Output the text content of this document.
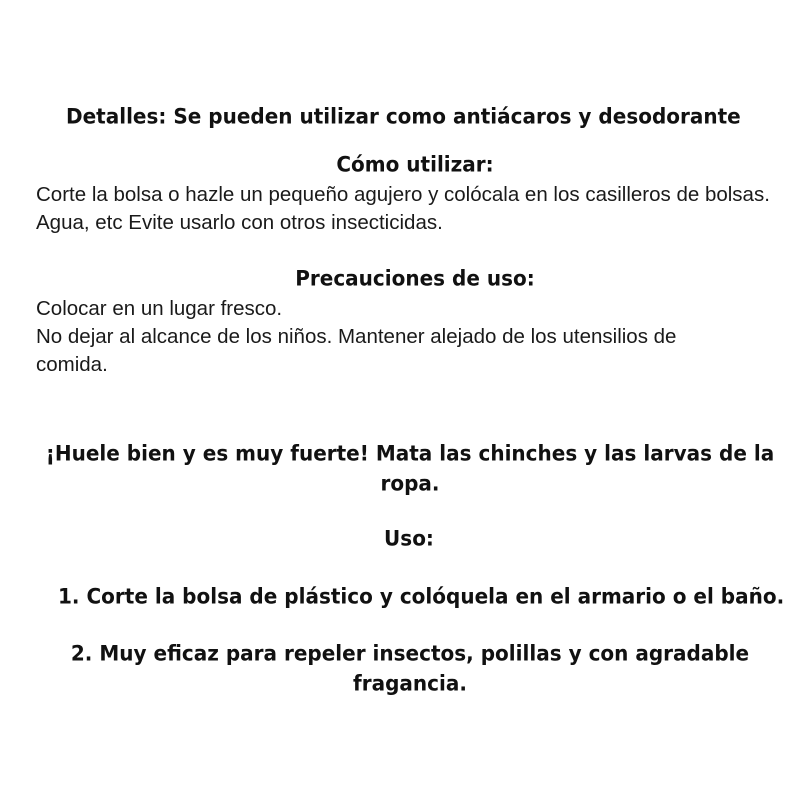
Detalles: Se pueden utilizar como antiácaros y desodorante
Cómo utilizar:
Corte la bolsa o hazle un pequeño agujero y colócala en los casilleros de bolsas. Agua, etc Evite usarlo con otros insecticidas.
Precauciones de uso:
Colocar en un lugar fresco.
No dejar al alcance de los niños. Mantener alejado de los utensilios de comida.
¡Huele bien y es muy fuerte! Mata las chinches y las larvas de la ropa.
Uso:
1. Corte la bolsa de plástico y colóquela en el armario o el baño.
2. Muy eficaz para repeler insectos, polillas y con agradable fragancia.
